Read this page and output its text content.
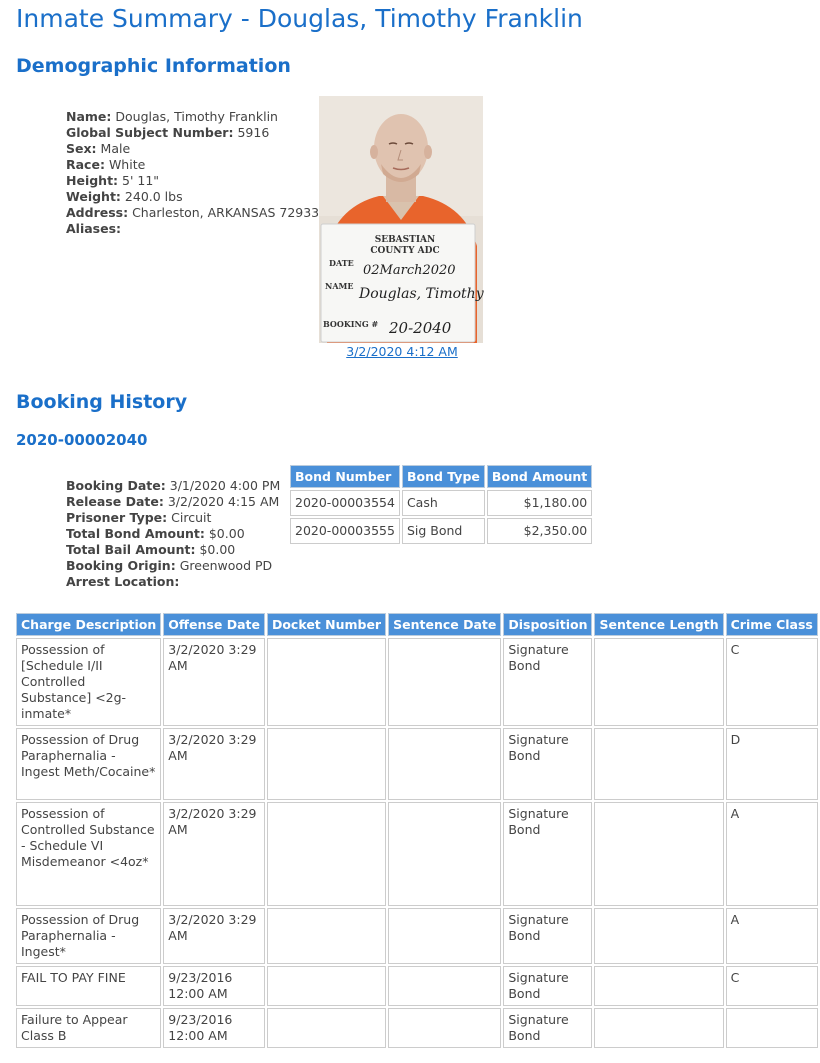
Inmate Summary - Douglas, Timothy Franklin
Demographic Information
Name: Douglas, Timothy Franklin
Global Subject Number: 5916
Sex: Male
Race: White
Height: 5' 11"
Weight: 240.0 lbs
Address: Charleston, ARKANSAS 72933
Aliases:
SEBASTIAN
COUNTY ADC
DATE 02March2020
NAME Douglas, Timothy
BOOKING # 20-2040
3/2/2020 4:12 AM
Booking History
2020-00002040
Booking Date: 3/1/2020 4:00 PM
Release Date: 3/2/2020 4:15 AM
Prisoner Type: Circuit
Total Bond Amount: $0.00
Total Bail Amount: $0.00
Booking Origin: Greenwood PD
Arrest Location:
Bond Number	Bond Type	Bond Amount
2020-00003554	Cash	$1,180.00
2020-00003555	Sig Bond	$2,350.00
Charge Description	Offense Date	Docket Number	Sentence Date	Disposition	Sentence Length	Crime Class
Possession of [Schedule I/II Controlled Substance] <2g-inmate*	3/2/2020 3:29 AM			Signature Bond		C
Possession of Drug Paraphernalia - Ingest Meth/Cocaine*	3/2/2020 3:29 AM			Signature Bond		D
Possession of Controlled Substance - Schedule VI Misdemeanor <4oz*	3/2/2020 3:29 AM			Signature Bond		A
Possession of Drug Paraphernalia - Ingest*	3/2/2020 3:29 AM			Signature Bond		A
FAIL TO PAY FINE	9/23/2016 12:00 AM			Signature Bond		C
Failure to Appear Class B	9/23/2016 12:00 AM			Signature Bond		
